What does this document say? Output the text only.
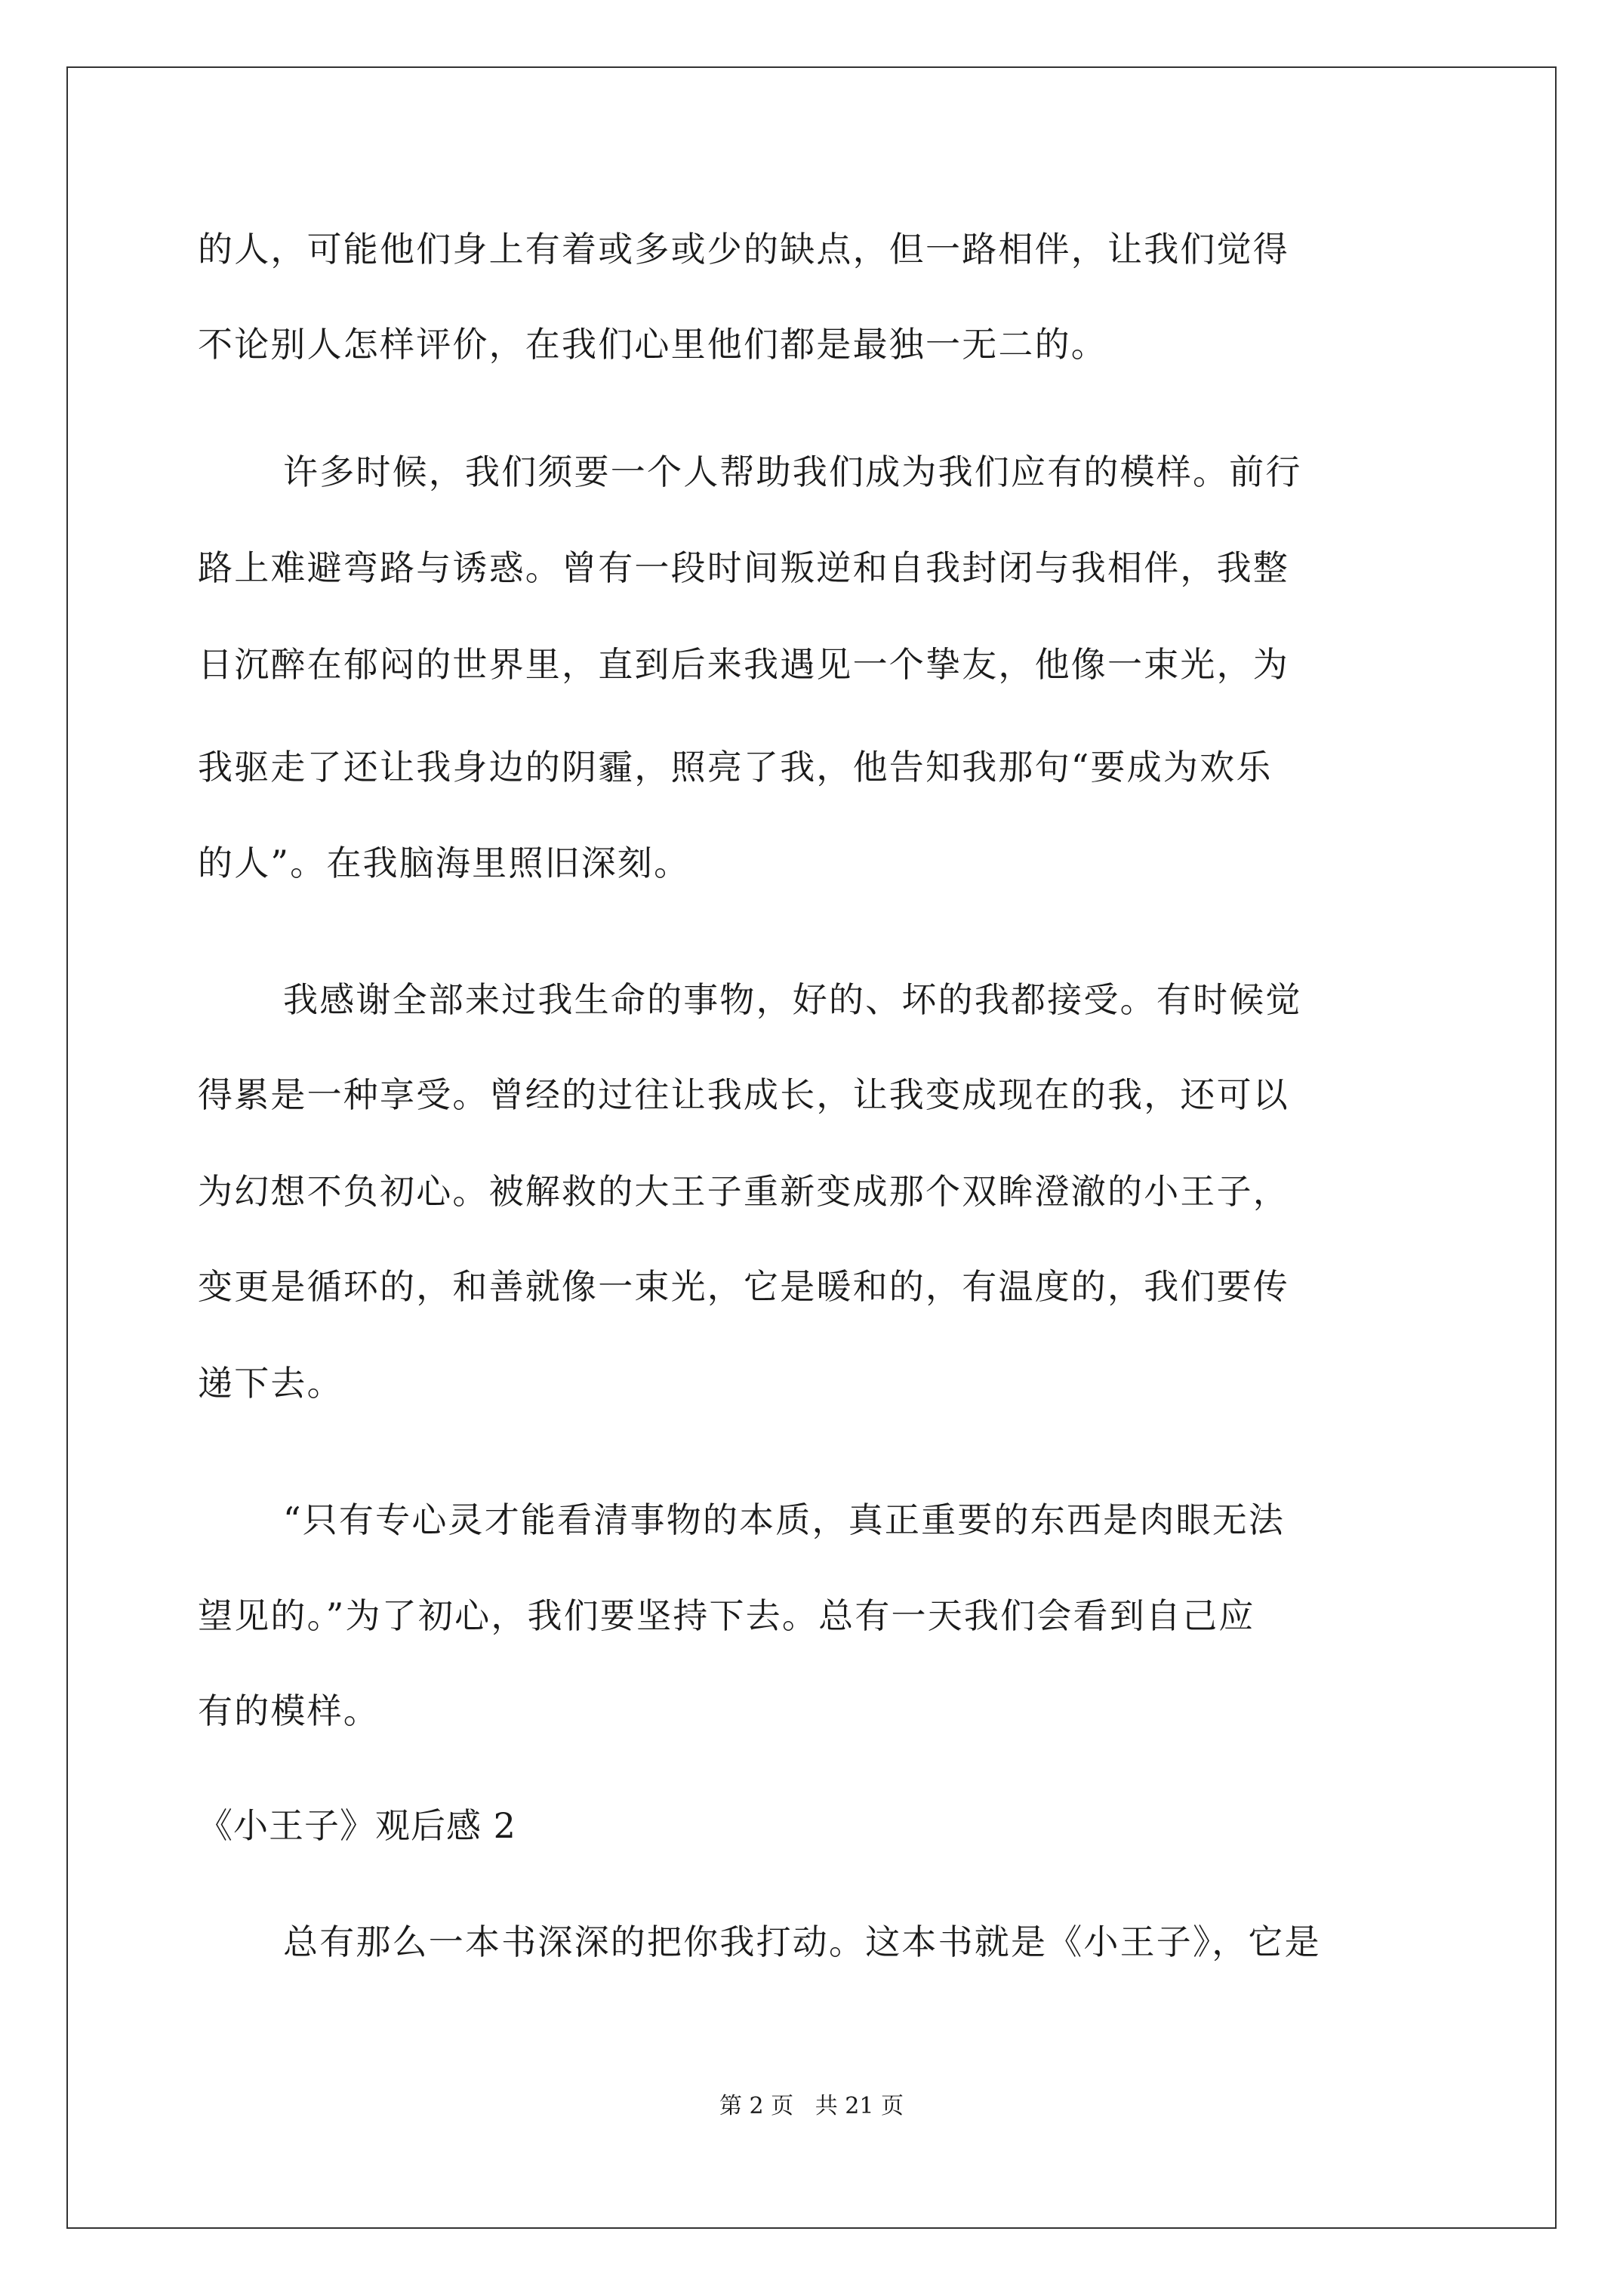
的人，可能他们身上有着或多或少的缺点，但一路相伴，让我们觉得
不论别人怎样评价，在我们心里他们都是最独一无二的。
许多时候，我们须要一个人帮助我们成为我们应有的模样。前行
路上难避弯路与诱惑。曾有一段时间叛逆和自我封闭与我相伴，我整
日沉醉在郁闷的世界里，直到后来我遇见一个挚友，他像一束光，为
我驱走了还让我身边的阴霾，照亮了我，他告知我那句“要成为欢乐
的人”。在我脑海里照旧深刻。
我感谢全部来过我生命的事物，好的、坏的我都接受。有时候觉
得累是一种享受。曾经的过往让我成长，让我变成现在的我，还可以
为幻想不负初心。被解救的大王子重新变成那个双眸澄澈的小王子，
变更是循环的，和善就像一束光，它是暖和的，有温度的，我们要传
递下去。
“只有专心灵才能看清事物的本质，真正重要的东西是肉眼无法
望见的。”为了初心，我们要坚持下去。总有一天我们会看到自己应
有的模样。
《小王子》观后感 2
总有那么一本书深深的把你我打动。这本书就是《小王子》，它是
第 2 页   共 21 页
